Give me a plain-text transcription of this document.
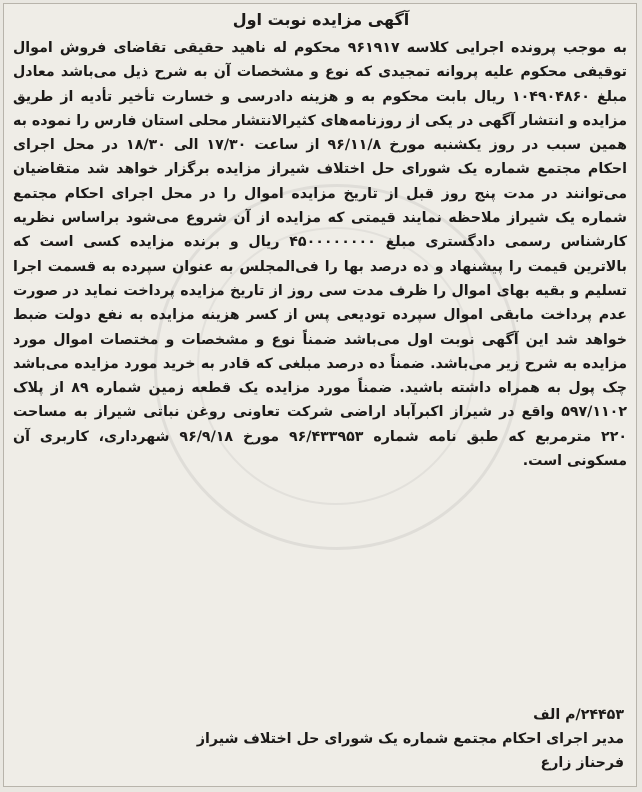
آگهی مزایده نوبت اول
به موجب پرونده اجرایی کلاسه ۹۶۱۹۱۷ محکوم له ناهید حقیقی تقاضای فروش اموال توقیفی محکوم علیه پروانه تمجیدی که نوع و مشخصات آن به شرح ذیل می‌باشد معادل مبلغ ۱۰۴۹۰۴۸۶۰ ریال بابت محکوم به و هزینه دادرسی و خسارت تأخیر تأدیه از طریق مزایده و انتشار آگهی در یکی از روزنامه‌های کثیرالانتشار محلی استان فارس را نموده به همین سبب در روز یکشنبه مورخ ۹۶/۱۱/۸ از ساعت ۱۷/۳۰ الی ۱۸/۳۰ در محل اجرای احکام مجتمع شماره یک شورای حل اختلاف شیراز مزایده برگزار خواهد شد متقاضیان می‌توانند در مدت پنج روز قبل از تاریخ مزایده اموال را در محل اجرای احکام مجتمع شماره یک شیراز ملاحظه نمایند قیمتی که مزایده از آن شروع می‌شود براساس نظریه کارشناس رسمی دادگستری مبلغ ۴۵۰۰۰۰۰۰۰۰ ریال و برنده مزایده کسی است که بالاترین قیمت را پیشنهاد و ده درصد بها را فی‌المجلس به عنوان سپرده به قسمت اجرا تسلیم و بقیه بهای اموال را ظرف مدت سی روز از تاریخ مزایده پرداخت نماید در صورت عدم پرداخت مابقی اموال سپرده تودیعی پس از کسر هزینه مزایده به نفع دولت ضبط خواهد شد این آگهی نوبت اول می‌باشد ضمناً نوع و مشخصات و مختصات اموال مورد مزایده به شرح زیر می‌باشد. ضمناً ده درصد مبلغی که قادر به خرید مورد مزایده می‌باشد چک پول به همراه داشته باشید. ضمناً مورد مزایده یک قطعه زمین شماره ۸۹ از پلاک ۵۹۷/۱۱۰۲ واقع در شیراز اکبرآباد اراضی شرکت تعاونی روغن نباتی شیراز به مساحت ۲۲۰ مترمربع که طبق نامه شماره ۹۶/۴۳۳۹۵۳ مورخ ۹۶/۹/۱۸ شهرداری، کاربری آن مسکونی است.
۲۴۴۵۳/م الف
مدیر اجرای احکام مجتمع شماره یک شورای حل اختلاف شیراز
فرحناز زارع
